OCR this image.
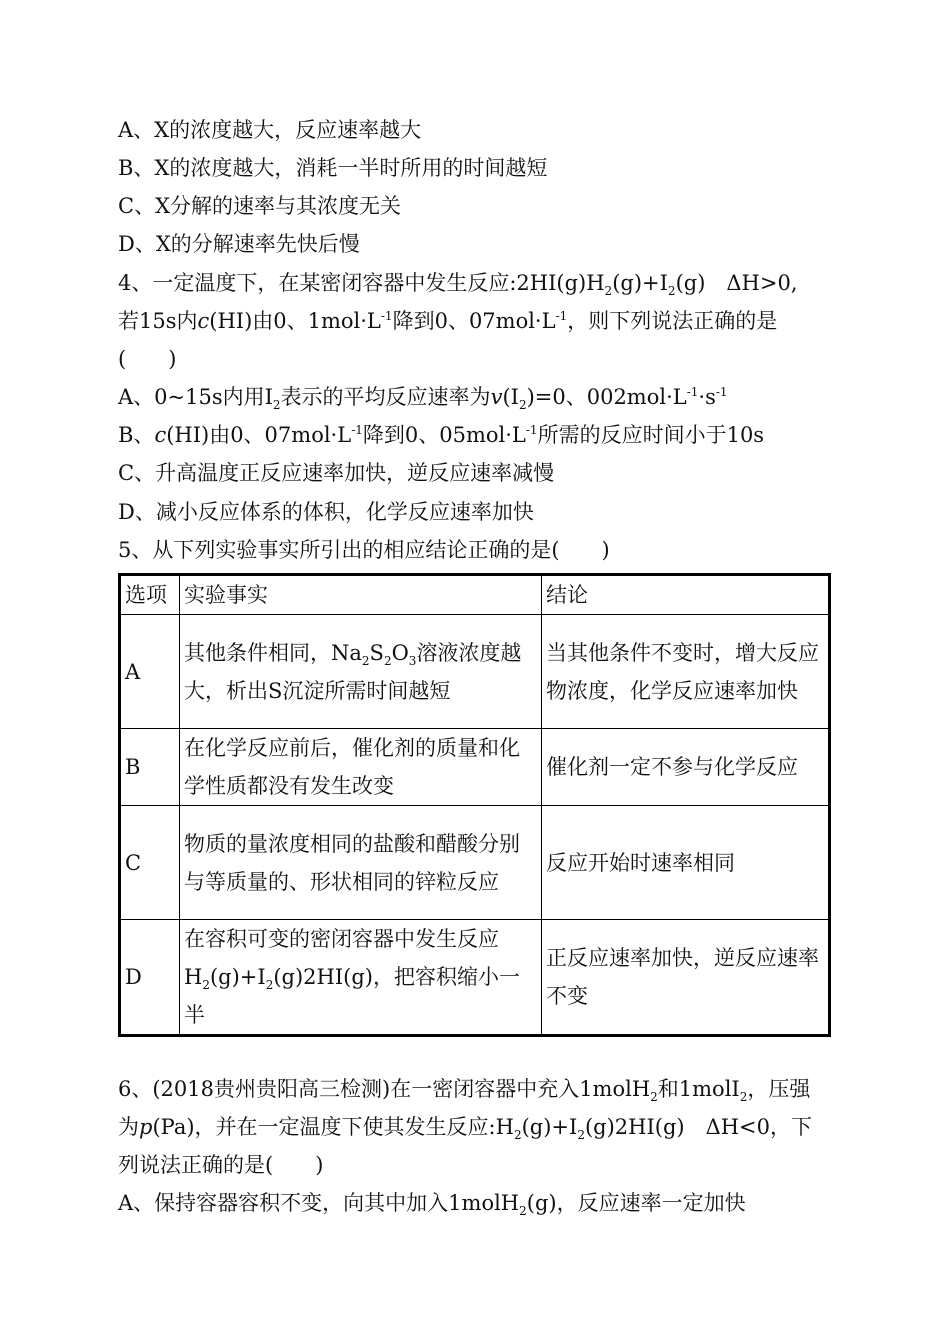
A、X的浓度越大，反应速率越大
B、X的浓度越大，消耗一半时所用的时间越短
C、X分解的速率与其浓度无关
D、X的分解速率先快后慢
4、一定温度下，在某密闭容器中发生反应$:2HI(g)H_2(g)+I_2(g)$　ΔH>0,
若15s内c(HI)由0、$1mol\cdot L^{-1}$降到0、$07mol\cdot L^{-1}$，则下列说法正确的是
(　　)
A、0~15s内用$I_2$表示的平均反应速率为$v(I_2)=0$、$002mol\cdot L^{-1}\cdot s^{-1}$
B、c(HI)由0、$07mol\cdot L^{-1}$降到0、$05mol\cdot L^{-1}$所需的反应时间小于10s
C、升高温度正反应速率加快，逆反应速率减慢
D、减小反应体系的体积，化学反应速率加快
5、从下列实验事实所引出的相应结论正确的是(　　)
选项	实验事实	结论
A	其他条件相同，$Na_2S_2O_3$溶液浓度越
大，析出S沉淀所需时间越短	当其他条件不变时，增大反应物浓度，化学反应速率加快
B	在化学反应前后，催化剂的质量和化学性质都没有发生改变	催化剂一定不参与化学反应
C	物质的量浓度相同的盐酸和醋酸分别与等质量的、形状相同的锌粒反应	反应开始时速率相同
D	在容积可变的密闭容器中发生反应
$H_2(g)+I_2(g)2HI(g)$，把容积缩小一
半	正反应速率加快，逆反应速率不变
6、(2018贵州贵阳高三检测)在一密闭容器中充入1molH$_2$和1molI$_2$，压强
为p(Pa)，并在一定温度下使其发生反应$:H_2(g)+I_2(g)2HI(g)$　ΔH<0，下
列说法正确的是(　　)
A、保持容器容积不变，向其中加入1molH$_2$(g)，反应速率一定加快
